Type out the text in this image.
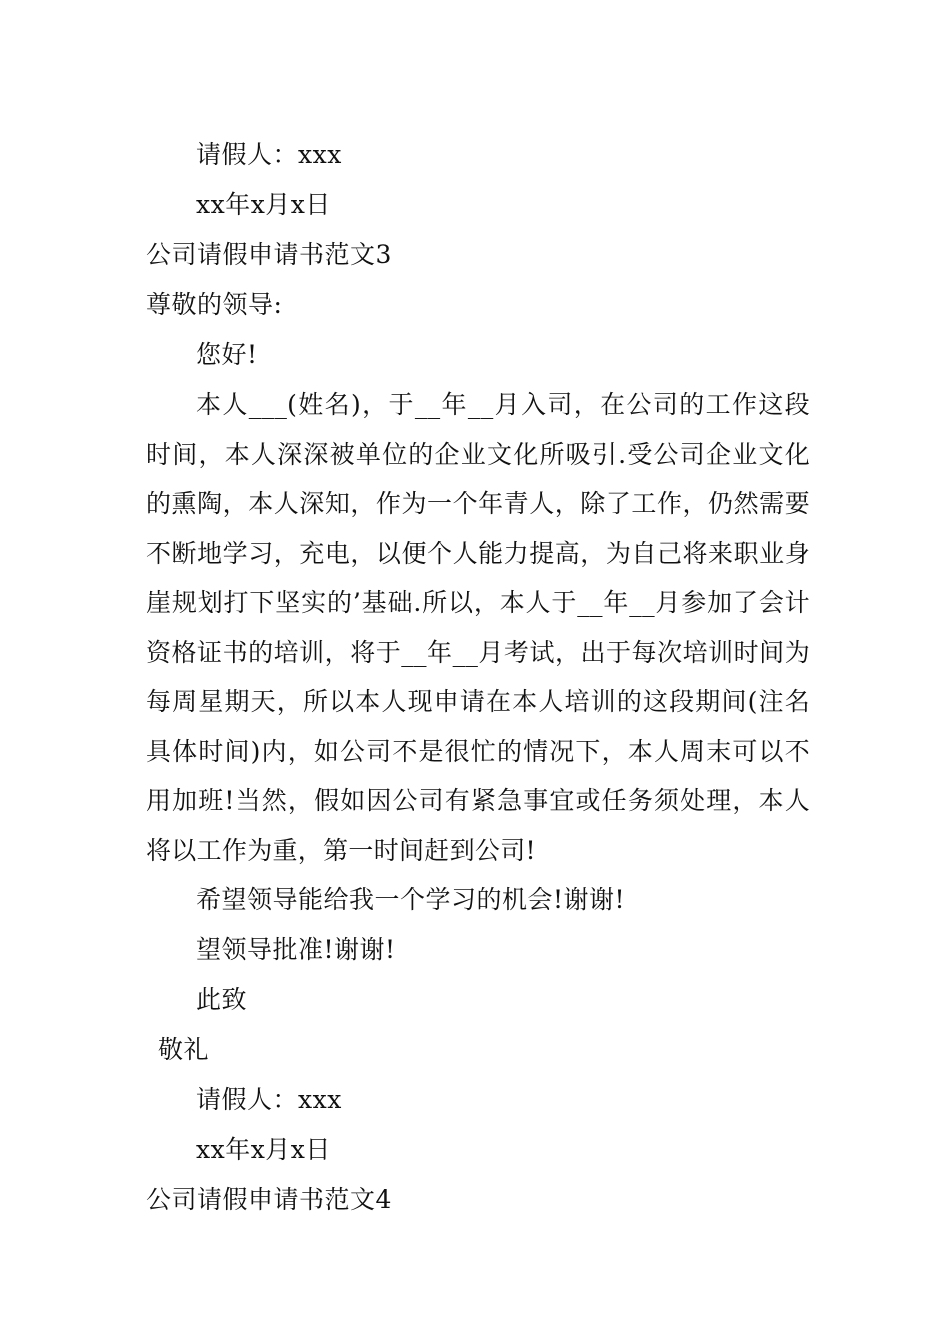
请假人：xxx
xx年x月x日
公司请假申请书范文3
尊敬的领导:
您好!

本人___(姓名)，于__年__月入司，在公司的工作这段时间，本人深深被单位的企业文化所吸引.受公司企业文化的熏陶，本人深知，作为一个年青人，除了工作，仍然需要不断地学习，充电，以便个人能力提高，为自己将来职业身崖规划打下坚实的’基础.所以，本人于__年__月参加了会计资格证书的培训，将于__年__月考试，出于每次培训时间为每周星期天，所以本人现申请在本人培训的这段期间(注名具体时间)内，如公司不是很忙的情况下，本人周末可以不用加班!当然，假如因公司有紧急事宜或任务须处理，本人将以工作为重，第一时间赶到公司!

希望领导能给我一个学习的机会!谢谢!
望领导批准!谢谢!
此致
敬礼
请假人：xxx
xx年x月x日
公司请假申请书范文4
